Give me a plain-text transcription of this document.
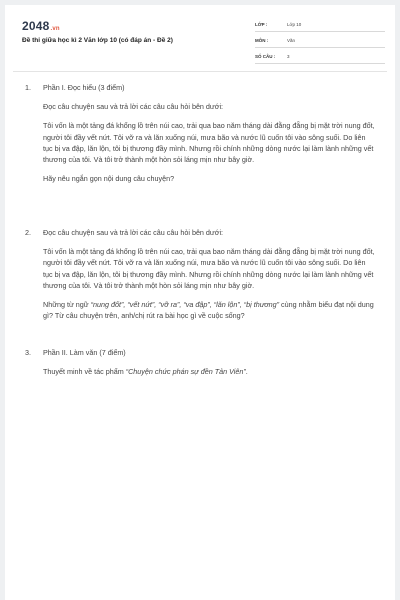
2048.vn
Đề thi giữa học kì 2 Văn lớp 10 (có đáp án - Đề 2)
LỚP :	Lớp 10
MÔN :	Văn
SỐ CÂU :	3
1. Phần I. Đọc hiểu (3 điểm)

Đọc câu chuyện sau và trả lời các câu câu hỏi bên dưới:

Tôi vốn là một tảng đá khổng lồ trên núi cao, trải qua bao năm tháng dài đằng đẵng bị mặt trời nung đốt, người tôi đầy vết nứt. Tôi vỡ ra và lăn xuống núi, mưa bão và nước lũ cuốn tôi vào sông suối. Do liên tục bị va đập, lăn lộn, tôi bị thương đầy mình. Nhưng rồi chính những dòng nước lại làm lành những vết thương của tôi. Và tôi trở thành một hòn sỏi láng mịn như bây giờ.

Hãy nêu ngắn gọn nội dung câu chuyện?

2. Đọc câu chuyện sau và trả lời các câu câu hỏi bên dưới:

Tôi vốn là một tảng đá khổng lồ trên núi cao, trải qua bao năm tháng dài đằng đẵng bị mặt trời nung đốt, người tôi đầy vết nứt. Tôi vỡ ra và lăn xuống núi, mưa bão và nước lũ cuốn tôi vào sông suối. Do liên tục bị va đập, lăn lộn, tôi bị thương đầy mình. Nhưng rồi chính những dòng nước lại làm lành những vết thương của tôi. Và tôi trở thành một hòn sỏi láng mịn như bây giờ.

Những từ ngữ “nung đốt”, “vết nứt”, “vỡ ra”, “va đập”, “lăn lộn”, “bị thương” cùng nhằm biểu đạt nội dung gì? Từ câu chuyện trên, anh/chị rút ra bài học gì về cuộc sống?

3. Phần II. Làm văn (7 điểm)

Thuyết minh về tác phẩm “Chuyện chức phán sự đền Tản Viên”.
